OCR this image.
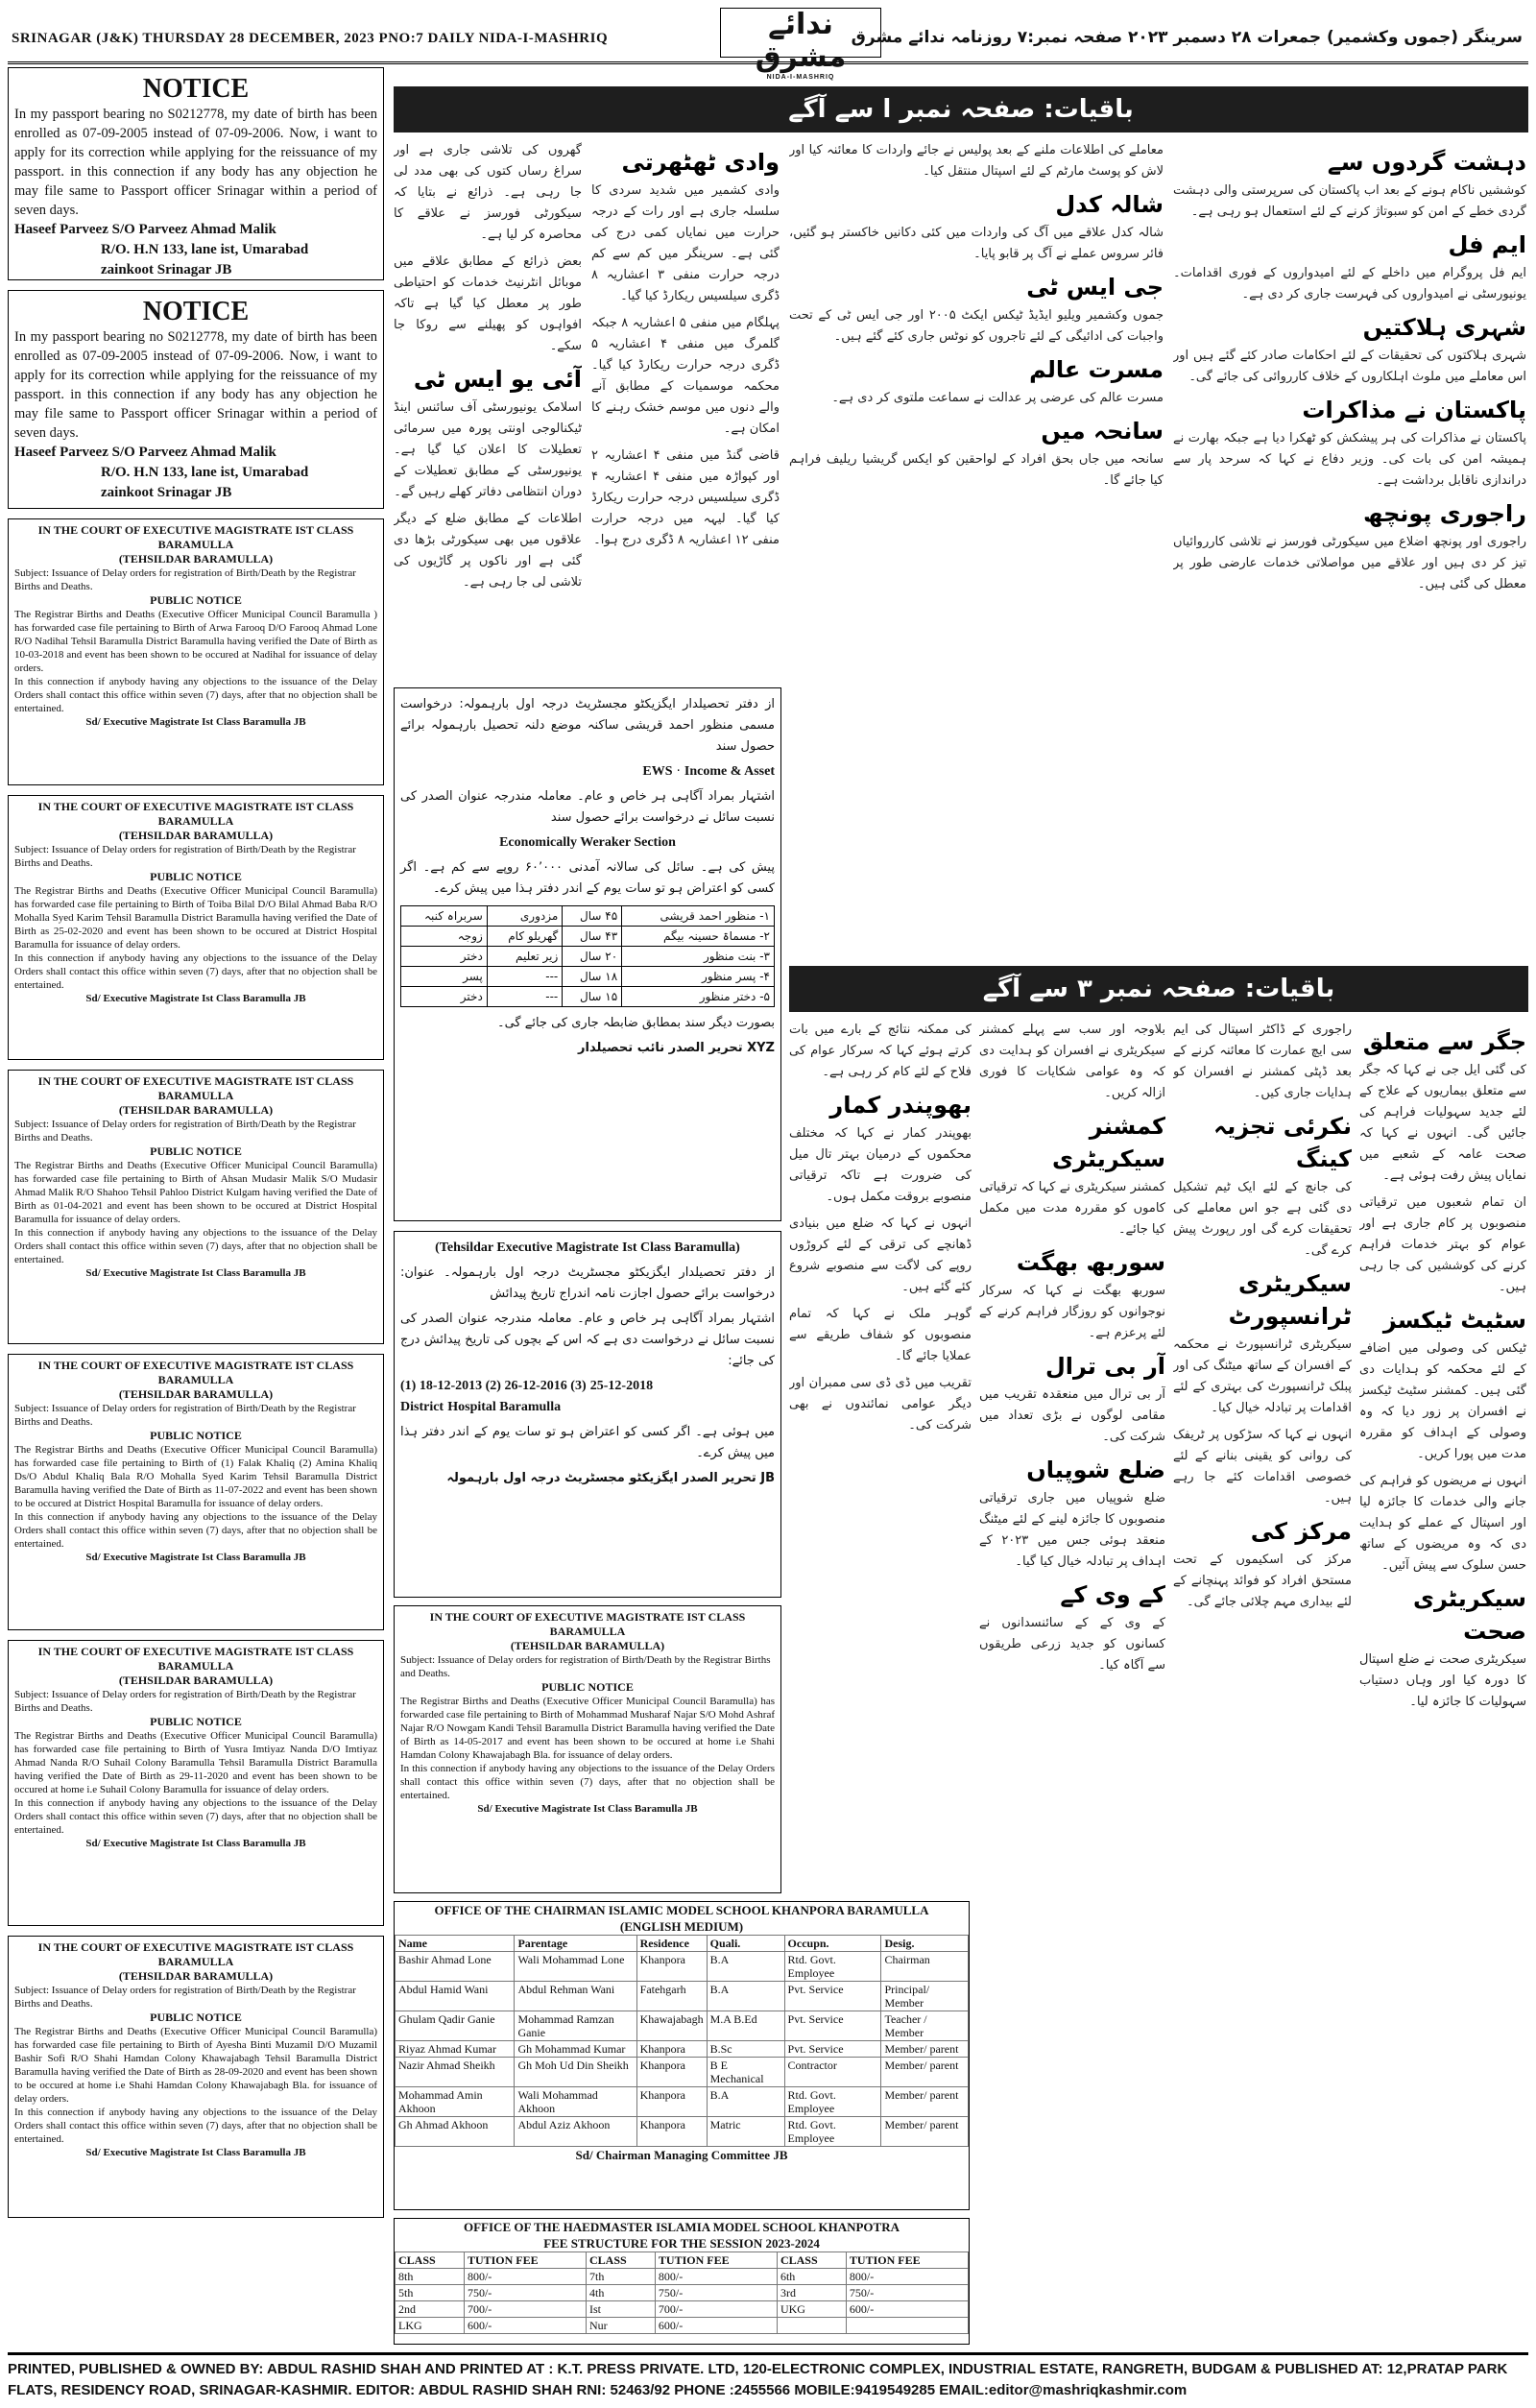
SRINAGAR (J&K) THURSDAY 28 DECEMBER, 2023 PNO:7 DAILY NIDA-I-MASHRIQ	ندائے مشرق
NIDA-I-MASHRIQ
سرینگر (جموں وکشمیر) جمعرات ۲۸ دسمبر ۲۰۲۳ صفحہ نمبر:۷ روزنامہ ندائے مشرق
NOTICE
In my passport bearing no S0212778, my date of birth has been enrolled as 07-09-2005 instead of 07-09-2006. Now, i want to apply for its correction while applying for the reissuance of my passport. in this connection if any body has any objection he may file same to Passport officer Srinagar within a period of seven days.
Haseef Parveez S/O Parveez Ahmad Malik
R/O. H.N 133, lane ist, Umarabad
zainkoot Srinagar JB
NOTICE
In my passport bearing no S0212778, my date of birth has been enrolled as 07-09-2005 instead of 07-09-2006. Now, i want to apply for its correction while applying for the reissuance of my passport. in this connection if any body has any objection he may file same to Passport officer Srinagar within a period of seven days.
Haseef Parveez S/O Parveez Ahmad Malik
R/O. H.N 133, lane ist, Umarabad
zainkoot Srinagar JB
IN THE COURT OF EXECUTIVE MAGISTRATE IST CLASS BARAMULLA
(TEHSILDAR BARAMULLA)
Subject: Issuance of Delay orders for registration of Birth/Death by the Registrar Births and Deaths.
PUBLIC NOTICE
The Registrar Births and Deaths (Executive Officer Municipal Council Baramulla ) has forwarded case file pertaining to Birth of Arwa Farooq D/O Farooq Ahmad Lone R/O Nadihal Tehsil Baramulla District Baramulla having verified the Date of Birth as 10-03-2018 and event has been shown to be occured at Nadihal for issuance of delay orders.
In this connection if anybody having any objections to the issuance of the Delay Orders shall contact this office within seven (7) days, after that no objection shall be entertained.
Sd/ Executive Magistrate Ist Class Baramulla JB
IN THE COURT OF EXECUTIVE MAGISTRATE IST CLASS BARAMULLA
(TEHSILDAR BARAMULLA)
Subject: Issuance of Delay orders for registration of Birth/Death by the Registrar Births and Deaths.
PUBLIC NOTICE
The Registrar Births and Deaths (Executive Officer Municipal Council Baramulla) has forwarded case file pertaining to Birth of Toiba Bilal D/O Bilal Ahmad Baba R/O Mohalla Syed Karim Tehsil Baramulla District Baramulla having verified the Date of Birth as 25-02-2020 and event has been shown to be occured at District Hospital Baramulla for issuance of delay orders.
In this connection if anybody having any objections to the issuance of the Delay Orders shall contact this office within seven (7) days, after that no objection shall be entertained.
Sd/ Executive Magistrate Ist Class Baramulla JB
IN THE COURT OF EXECUTIVE MAGISTRATE IST CLASS BARAMULLA
(TEHSILDAR BARAMULLA)
Subject: Issuance of Delay orders for registration of Birth/Death by the Registrar Births and Deaths.
PUBLIC NOTICE
The Registrar Births and Deaths (Executive Officer Municipal Council Baramulla) has forwarded case file pertaining to Birth of Ahsan Mudasir Malik S/O Mudasir Ahmad Malik R/O Shahoo Tehsil Pahloo District Kulgam having verified the Date of Birth as 01-04-2021 and event has been shown to be occured at District Hospital Baramulla for issuance of delay orders.
In this connection if anybody having any objections to the issuance of the Delay Orders shall contact this office within seven (7) days, after that no objection shall be entertained.
Sd/ Executive Magistrate Ist Class Baramulla JB
IN THE COURT OF EXECUTIVE MAGISTRATE IST CLASS BARAMULLA
(TEHSILDAR BARAMULLA)
Subject: Issuance of Delay orders for registration of Birth/Death by the Registrar Births and Deaths.
PUBLIC NOTICE
The Registrar Births and Deaths (Executive Officer Municipal Council Baramulla) has forwarded case file pertaining to Birth of (1) Falak Khaliq (2) Amina Khaliq Ds/O Abdul Khaliq Bala R/O Mohalla Syed Karim Tehsil Baramulla District Baramulla having verified the Date of Birth as 11-07-2022 and event has been shown to be occured at District Hospital Baramulla for issuance of delay orders.
In this connection if anybody having any objections to the issuance of the Delay Orders shall contact this office within seven (7) days, after that no objection shall be entertained.
Sd/ Executive Magistrate Ist Class Baramulla JB
IN THE COURT OF EXECUTIVE MAGISTRATE IST CLASS BARAMULLA
(TEHSILDAR BARAMULLA)
Subject: Issuance of Delay orders for registration of Birth/Death by the Registrar Births and Deaths.
PUBLIC NOTICE
The Registrar Births and Deaths (Executive Officer Municipal Council Baramulla) has forwarded case file pertaining to Birth of Yusra Imtiyaz Nanda D/O Imtiyaz Ahmad Nanda R/O Suhail Colony Baramulla Tehsil Baramulla District Baramulla having verified the Date of Birth as 29-11-2020 and event has been shown to be occured at home i.e Suhail Colony Baramulla for issuance of delay orders.
In this connection if anybody having any objections to the issuance of the Delay Orders shall contact this office within seven (7) days, after that no objection shall be entertained.
Sd/ Executive Magistrate Ist Class Baramulla JB
IN THE COURT OF EXECUTIVE MAGISTRATE IST CLASS BARAMULLA
(TEHSILDAR BARAMULLA)
Subject: Issuance of Delay orders for registration of Birth/Death by the Registrar Births and Deaths.
PUBLIC NOTICE
The Registrar Births and Deaths (Executive Officer Municipal Council Baramulla) has forwarded case file pertaining to Birth of Ayesha Binti Muzamil D/O Muzamil Bashir Sofi R/O Shahi Hamdan Colony Khawajabagh Tehsil Baramulla District Baramulla having verified the Date of Birth as 28-09-2020 and event has been shown to be occured at home i.e Shahi Hamdan Colony Khawajabagh Bla. for issuance of delay orders.
In this connection if anybody having any objections to the issuance of the Delay Orders shall contact this office within seven (7) days, after that no objection shall be entertained.
Sd/ Executive Magistrate Ist Class Baramulla JB
باقیات: صفحہ نمبر ا سے آگے
دہشت گردوں سے

کوششیں ناکام ہونے کے بعد اب پاکستان کی سرپرستی والی دہشت گردی خطے کے امن کو سبوتاژ کرنے کے لئے استعمال ہو رہی ہے۔

ایم فل

ایم فل پروگرام میں داخلے کے لئے امیدواروں کے فوری اقدامات۔ یونیورسٹی نے امیدواروں کی فہرست جاری کر دی ہے۔

شہری ہلاکتیں

شہری ہلاکتوں کی تحقیقات کے لئے احکامات صادر کئے گئے ہیں اور اس معاملے میں ملوث اہلکاروں کے خلاف کارروائی کی جائے گی۔

پاکستان نے مذاکرات

پاکستان نے مذاکرات کی ہر پیشکش کو ٹھکرا دیا ہے جبکہ بھارت نے ہمیشہ امن کی بات کی۔ وزیر دفاع نے کہا کہ سرحد پار سے دراندازی ناقابل برداشت ہے۔

راجوری پونچھ

راجوری اور پونچھ اضلاع میں سیکورٹی فورسز نے تلاشی کارروائیاں تیز کر دی ہیں اور علاقے میں مواصلاتی خدمات عارضی طور پر معطل کی گئی ہیں۔

معاملے کی اطلاعات ملنے کے بعد پولیس نے جائے واردات کا معائنہ کیا اور لاش کو پوسٹ مارٹم کے لئے اسپتال منتقل کیا۔

شالہ کدل

شالہ کدل علاقے میں آگ کی واردات میں کئی دکانیں خاکستر ہو گئیں، فائر سروس عملے نے آگ پر قابو پایا۔

جی ایس ٹی

جموں وکشمیر ویلیو ایڈیڈ ٹیکس ایکٹ ۲۰۰۵ اور جی ایس ٹی کے تحت واجبات کی ادائیگی کے لئے تاجروں کو نوٹس جاری کئے گئے ہیں۔

مسرت عالم

مسرت عالم کی عرضی پر عدالت نے سماعت ملتوی کر دی ہے۔

سانحہ میں

سانحہ میں جاں بحق افراد کے لواحقین کو ایکس گریشیا ریلیف فراہم کیا جائے گا۔

وادی ٹھٹھرتی

وادی کشمیر میں شدید سردی کا سلسلہ جاری ہے اور رات کے درجہ حرارت میں نمایاں کمی درج کی گئی ہے۔ سرینگر میں کم سے کم درجہ حرارت منفی ۳ اعشاریہ ۸ ڈگری سیلسیس ریکارڈ کیا گیا۔

پہلگام میں منفی ۵ اعشاریہ ۸ جبکہ گلمرگ میں منفی ۴ اعشاریہ ۵ ڈگری درجہ حرارت ریکارڈ کیا گیا۔ محکمہ موسمیات کے مطابق آنے والے دنوں میں موسم خشک رہنے کا امکان ہے۔

قاضی گنڈ میں منفی ۴ اعشاریہ ۲ اور کپواڑہ میں منفی ۴ اعشاریہ ۴ ڈگری سیلسیس درجہ حرارت ریکارڈ کیا گیا۔ لیہہ میں درجہ حرارت منفی ۱۲ اعشاریہ ۸ ڈگری درج ہوا۔

گھروں کی تلاشی جاری ہے اور سراغ رساں کتوں کی بھی مدد لی جا رہی ہے۔ ذرائع نے بتایا کہ سیکورٹی فورسز نے علاقے کا محاصرہ کر لیا ہے۔

بعض ذرائع کے مطابق علاقے میں موبائل انٹرنیٹ خدمات کو احتیاطی طور پر معطل کیا گیا ہے تاکہ افواہوں کو پھیلنے سے روکا جا سکے۔

آئی یو ایس ٹی

اسلامک یونیورسٹی آف سائنس اینڈ ٹیکنالوجی اونتی پورہ میں سرمائی تعطیلات کا اعلان کیا گیا ہے۔ یونیورسٹی کے مطابق تعطیلات کے دوران انتظامی دفاتر کھلے رہیں گے۔

اطلاعات کے مطابق ضلع کے دیگر علاقوں میں بھی سیکورٹی بڑھا دی گئی ہے اور ناکوں پر گاڑیوں کی تلاشی لی جا رہی ہے۔

از دفتر تحصیلدار ایگزیکٹو مجسٹریٹ درجہ اول بارہمولہ: درخواست مسمی منظور احمد قریشی ساکنہ موضع دلنہ تحصیل بارہمولہ برائے حصول سند

Income & Asset · EWS

اشتہار بمراد آگاہی ہر خاص و عام۔ معاملہ مندرجہ عنوان الصدر کی نسبت سائل نے درخواست برائے حصول سند

Economically Weraker Section

پیش کی ہے۔ سائل کی سالانہ آمدنی ۶۰٬۰۰۰ روپے سے کم ہے۔ اگر کسی کو اعتراض ہو تو سات یوم کے اندر دفتر ہذا میں پیش کرے۔

۱- منظور احمد قریشی	۴۵ سال	مزدوری	سربراہ کنبہ
۲- مسماۃ حسینہ بیگم	۴۳ سال	گھریلو کام	زوجہ
۳- بنت منظور	۲۰ سال	زیر تعلیم	دختر
۴- پسر منظور	۱۸ سال	---	پسر
۵- دختر منظور	۱۵ سال	---	دختر

بصورت دیگر سند بمطابق ضابطہ جاری کی جائے گی۔

XYZ تحریر الصدر نائب تحصیلدار
(Tehsildar Executive Magistrate Ist Class Baramulla)

از دفتر تحصیلدار ایگزیکٹو مجسٹریٹ درجہ اول بارہمولہ۔ عنوان: درخواست برائے حصول اجازت نامہ اندراج تاریخ پیدائش

اشتہار بمراد آگاہی ہر خاص و عام۔ معاملہ مندرجہ عنوان الصدر کی نسبت سائل نے درخواست دی ہے کہ اس کے بچوں کی تاریخ پیدائش درج کی جائے:

(1) 18-12-2013 (2) 26-12-2016 (3) 25-12-2018
District Hospital Baramulla

میں ہوئی ہے۔ اگر کسی کو اعتراض ہو تو سات یوم کے اندر دفتر ہذا میں پیش کرے۔

JB تحریر الصدر ایگزیکٹو مجسٹریٹ درجہ اول بارہمولہ
IN THE COURT OF EXECUTIVE MAGISTRATE IST CLASS BARAMULLA
(TEHSILDAR BARAMULLA)
Subject: Issuance of Delay orders for registration of Birth/Death by the Registrar Births and Deaths.
PUBLIC NOTICE
The Registrar Births and Deaths (Executive Officer Municipal Council Baramulla) has forwarded case file pertaining to Birth of Mohammad Musharaf Najar S/O Mohd Ashraf Najar R/O Nowgam Kandi Tehsil Baramulla District Baramulla having verified the Date of Birth as 14-05-2017 and event has been shown to be occured at home i.e Shahi Hamdan Colony Khawajabagh Bla. for issuance of delay orders.
In this connection if anybody having any objections to the issuance of the Delay Orders shall contact this office within seven (7) days, after that no objection shall be entertained.
Sd/ Executive Magistrate Ist Class Baramulla JB
OFFICE OF THE CHAIRMAN ISLAMIC MODEL SCHOOL KHANPORA BARAMULLA
(ENGLISH MEDIUM)
Name	Parentage	Residence	Quali.	Occupn.	Desig.
Bashir Ahmad Lone	Wali Mohammad Lone	Khanpora	B.A	Rtd. Govt. Employee	Chairman
Abdul Hamid Wani	Abdul Rehman Wani	Fatehgarh	B.A	Pvt. Service	Principal/ Member
Ghulam Qadir Ganie	Mohammad Ramzan Ganie	Khawajabagh	M.A B.Ed	Pvt. Service	Teacher / Member
Riyaz Ahmad Kumar	Gh Mohammad Kumar	Khanpora	B.Sc	Pvt. Service	Member/ parent
Nazir Ahmad Sheikh	Gh Moh Ud Din Sheikh	Khanpora	B E Mechanical	Contractor	Member/ parent
Mohammad Amin Akhoon	Wali Mohammad Akhoon	Khanpora	B.A	Rtd. Govt. Employee	Member/ parent
Gh Ahmad Akhoon	Abdul Aziz Akhoon	Khanpora	Matric	Rtd. Govt. Employee	Member/ parent
Sd/ Chairman Managing Committee JB
OFFICE OF THE HAEDMASTER ISLAMIA MODEL SCHOOL KHANPOTRA
FEE STRUCTURE FOR THE SESSION 2023-2024
CLASS	TUTION FEE	CLASS	TUTION FEE	CLASS	TUTION FEE
8th	800/-	7th	800/-	6th	800/-
5th	750/-	4th	750/-	3rd	750/-
2nd	700/-	Ist	700/-	UKG	600/-
LKG	600/-	Nur	600/-		
باقیات: صفحہ نمبر ۳ سے آگے
جگر سے متعلق

کی گئی ایل جی نے کہا کہ جگر سے متعلق بیماریوں کے علاج کے لئے جدید سہولیات فراہم کی جائیں گی۔ انہوں نے کہا کہ صحت عامہ کے شعبے میں نمایاں پیش رفت ہوئی ہے۔

ان تمام شعبوں میں ترقیاتی منصوبوں پر کام جاری ہے اور عوام کو بہتر خدمات فراہم کرنے کی کوششیں کی جا رہی ہیں۔

سٹیٹ ٹیکسز

ٹیکس کی وصولی میں اضافے کے لئے محکمہ کو ہدایات دی گئی ہیں۔ کمشنر سٹیٹ ٹیکسز نے افسران پر زور دیا کہ وہ وصولی کے اہداف کو مقررہ مدت میں پورا کریں۔

انہوں نے مریضوں کو فراہم کی جانے والی خدمات کا جائزہ لیا اور اسپتال کے عملے کو ہدایت دی کہ وہ مریضوں کے ساتھ حسن سلوک سے پیش آئیں۔

سیکریٹری صحت

سیکریٹری صحت نے ضلع اسپتال کا دورہ کیا اور وہاں دستیاب سہولیات کا جائزہ لیا۔

راجوری کے ڈاکٹر اسپتال کی ایم سی ایچ عمارت کا معائنہ کرنے کے بعد ڈپٹی کمشنر نے افسران کو ہدایات جاری کیں۔

نکرئی تجزیہ کینگ

کی جانچ کے لئے ایک ٹیم تشکیل دی گئی ہے جو اس معاملے کی تحقیقات کرے گی اور رپورٹ پیش کرے گی۔

سیکریٹری ٹرانسپورٹ

سیکریٹری ٹرانسپورٹ نے محکمہ کے افسران کے ساتھ میٹنگ کی اور پبلک ٹرانسپورٹ کی بہتری کے لئے اقدامات پر تبادلہ خیال کیا۔

انہوں نے کہا کہ سڑکوں پر ٹریفک کی روانی کو یقینی بنانے کے لئے خصوصی اقدامات کئے جا رہے ہیں۔

مرکز کی

مرکز کی اسکیموں کے تحت مستحق افراد کو فوائد پہنچانے کے لئے بیداری مہم چلائی جائے گی۔

بلاوجہ اور سب سے پہلے کمشنر سیکریٹری نے افسران کو ہدایت دی کہ وہ عوامی شکایات کا فوری ازالہ کریں۔

کمشنر سیکریٹری

کمشنر سیکریٹری نے کہا کہ ترقیاتی کاموں کو مقررہ مدت میں مکمل کیا جائے۔

سوربھ بھگت

سوربھ بھگت نے کہا کہ سرکار نوجوانوں کو روزگار فراہم کرنے کے لئے پرعزم ہے۔

آر بی ترال

آر بی ترال میں منعقدہ تقریب میں مقامی لوگوں نے بڑی تعداد میں شرکت کی۔

ضلع شوپیاں

ضلع شوپیاں میں جاری ترقیاتی منصوبوں کا جائزہ لینے کے لئے میٹنگ منعقد ہوئی جس میں ۲۰۲۳ کے اہداف پر تبادلہ خیال کیا گیا۔

کے وی کے

کے وی کے کے سائنسدانوں نے کسانوں کو جدید زرعی طریقوں سے آگاہ کیا۔

کی ممکنہ نتائج کے بارے میں بات کرتے ہوئے کہا کہ سرکار عوام کی فلاح کے لئے کام کر رہی ہے۔

بھوپندر کمار

بھوپندر کمار نے کہا کہ مختلف محکموں کے درمیان بہتر تال میل کی ضرورت ہے تاکہ ترقیاتی منصوبے بروقت مکمل ہوں۔

انہوں نے کہا کہ ضلع میں بنیادی ڈھانچے کی ترقی کے لئے کروڑوں روپے کی لاگت سے منصوبے شروع کئے گئے ہیں۔

گوہر ملک نے کہا کہ تمام منصوبوں کو شفاف طریقے سے عملایا جائے گا۔

تقریب میں ڈی ڈی سی ممبران اور دیگر عوامی نمائندوں نے بھی شرکت کی۔

PRINTED, PUBLISHED & OWNED BY: ABDUL RASHID SHAH AND PRINTED AT : K.T. PRESS PRIVATE. LTD, 120-ELECTRONIC COMPLEX, INDUSTRIAL ESTATE, RANGRETH, BUDGAM & PUBLISHED AT: 12,PRATAP PARK FLATS, RESIDENCY ROAD, SRINAGAR-KASHMIR. EDITOR: ABDUL RASHID SHAH RNI: 52463/92 PHONE :2455566 MOBILE:9419549285 EMAIL:editor@mashriqkashmir.com
